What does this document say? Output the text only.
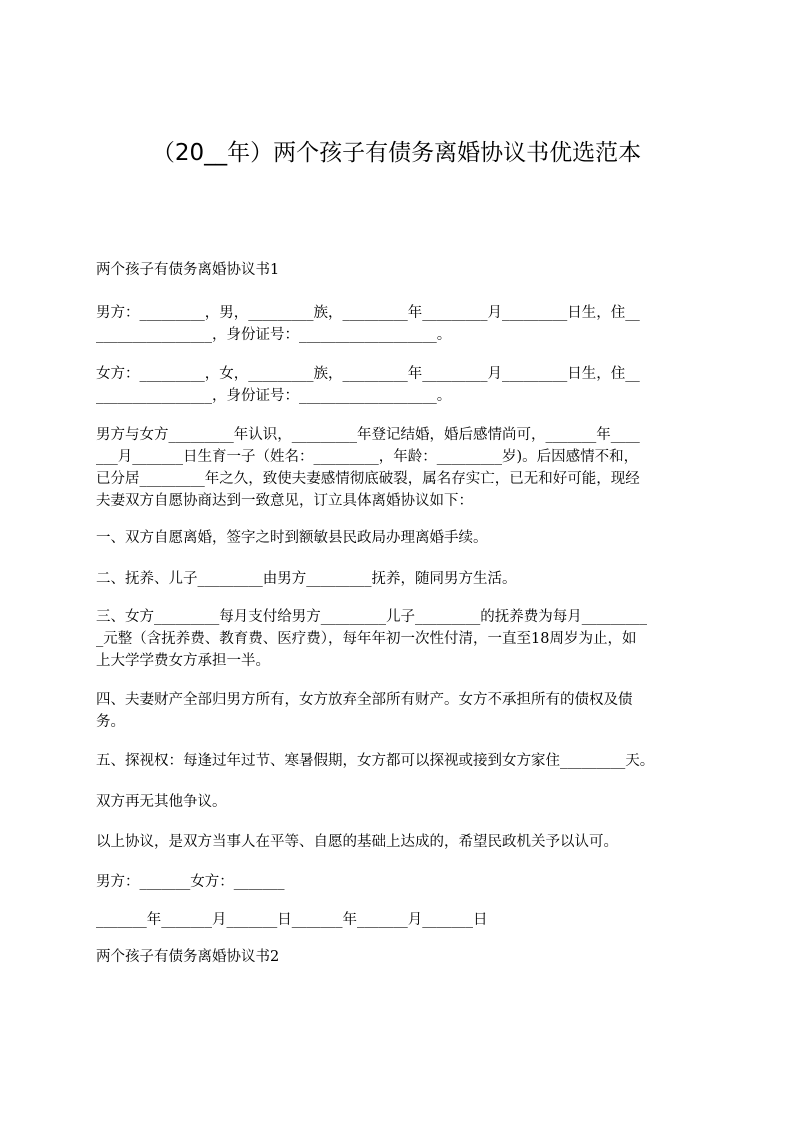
（20__年）两个孩子有债务离婚协议书优选范本
两个孩子有债务离婚协议书1
男方：_________，男，_________族，_________年_________月_________日生，住__
________________，身份证号：___________________。
女方：_________，女，_________族，_________年_________月_________日生，住__
________________，身份证号：___________________。
男方与女方_________年认识，_________年登记结婚，婚后感情尚可，_______年____
___月_______日生育一子（姓名：_________，年龄：_________岁)。后因感情不和，
已分居_________年之久，致使夫妻感情彻底破裂，属名存实亡，已无和好可能，现经
夫妻双方自愿协商达到一致意见，订立具体离婚协议如下：
一、双方自愿离婚，签字之时到额敏县民政局办理离婚手续。
二、抚养、儿子_________由男方_________抚养，随同男方生活。
三、女方_________每月支付给男方_________儿子_________的抚养费为每月_________
_元整（含抚养费、教育费、医疗费），每年年初一次性付清，一直至18周岁为止，如
上大学学费女方承担一半。
四、夫妻财产全部归男方所有，女方放弃全部所有财产。女方不承担所有的债权及债
务。
五、探视权：每逢过年过节、寒暑假期，女方都可以探视或接到女方家住_________天。
双方再无其他争议。
以上协议，是双方当事人在平等、自愿的基础上达成的，希望民政机关予以认可。
男方：_______女方：_______
_______年_______月_______日_______年_______月_______日
两个孩子有债务离婚协议书2
